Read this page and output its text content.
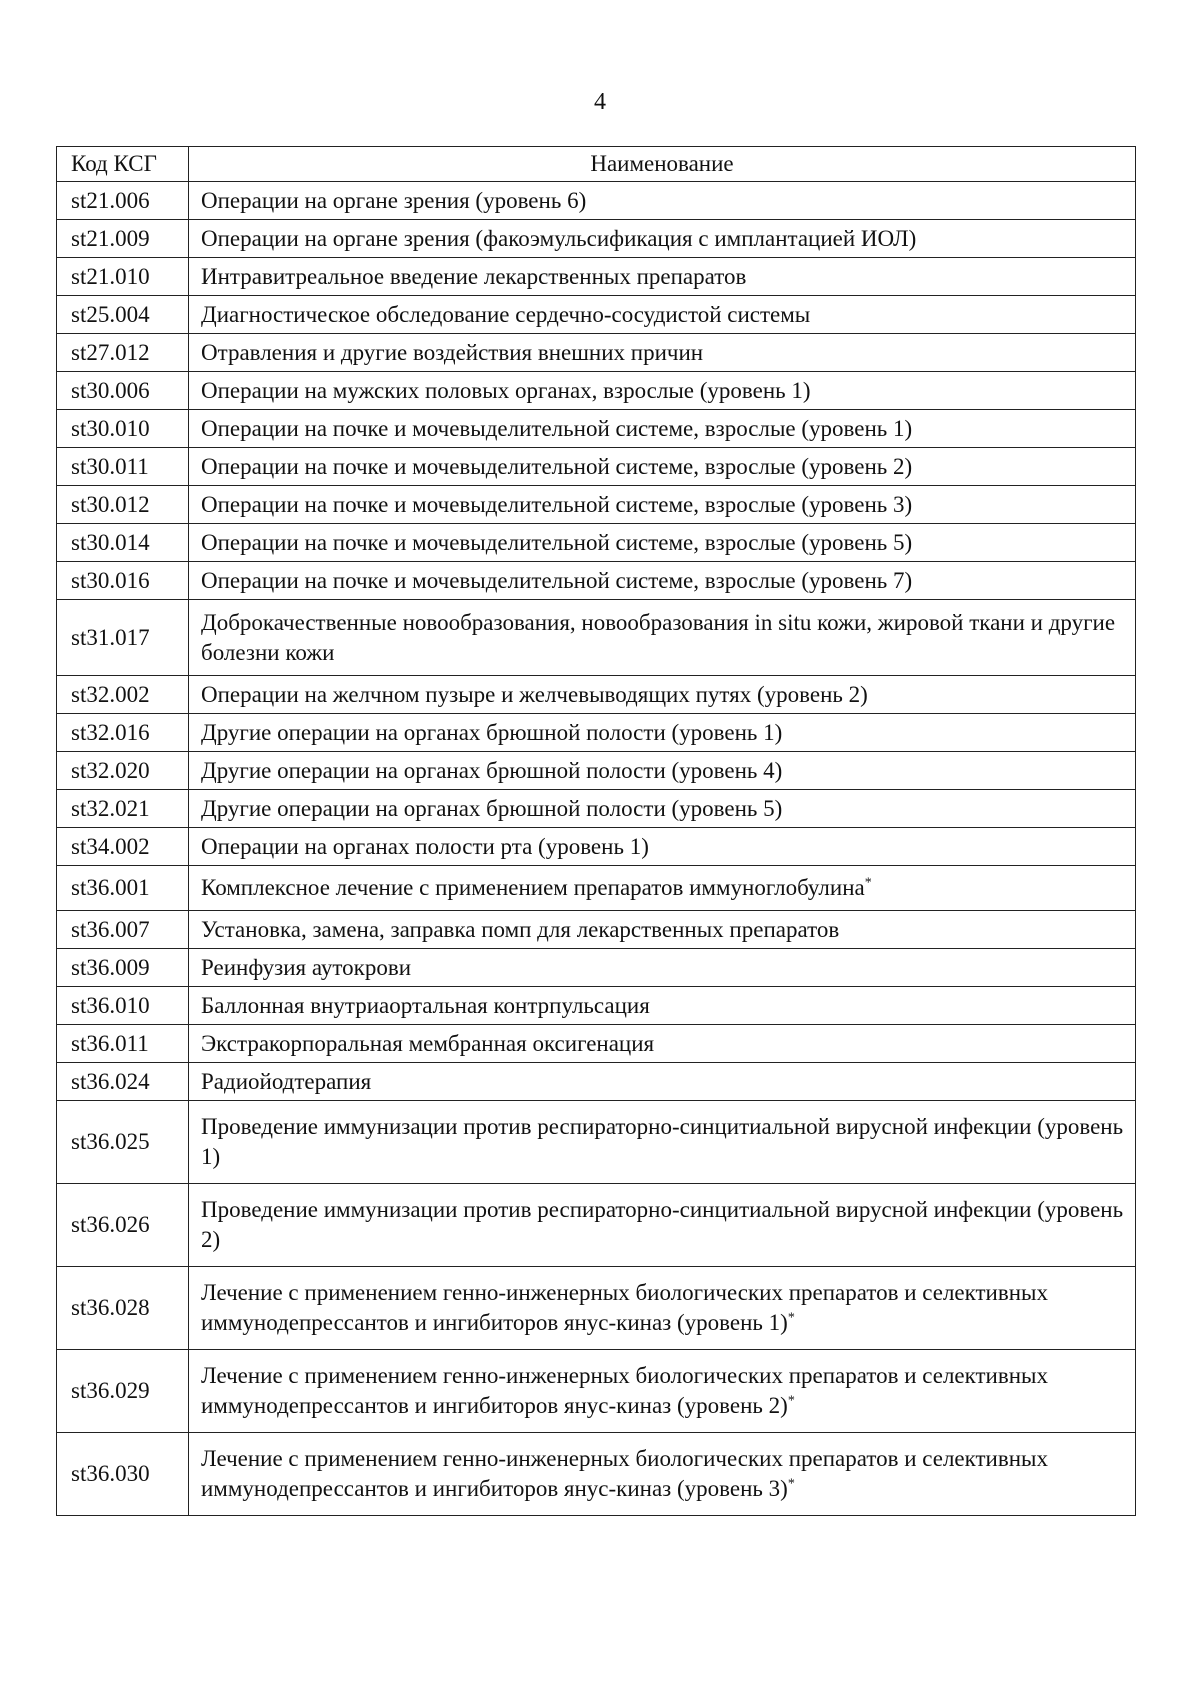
4
Код КСГ	Наименование
st21.006	Операции на органе зрения (уровень 6)
st21.009	Операции на органе зрения (факоэмульсификация с имплантацией ИОЛ)
st21.010	Интравитреальное введение лекарственных препаратов
st25.004	Диагностическое обследование сердечно-сосудистой системы
st27.012	Отравления и другие воздействия внешних причин
st30.006	Операции на мужских половых органах, взрослые (уровень 1)
st30.010	Операции на почке и мочевыделительной системе, взрослые (уровень 1)
st30.011	Операции на почке и мочевыделительной системе, взрослые (уровень 2)
st30.012	Операции на почке и мочевыделительной системе, взрослые (уровень 3)
st30.014	Операции на почке и мочевыделительной системе, взрослые (уровень 5)
st30.016	Операции на почке и мочевыделительной системе, взрослые (уровень 7)
st31.017	Доброкачественные новообразования, новообразования in situ кожи, жировой ткани и другие болезни кожи
st32.002	Операции на желчном пузыре и желчевыводящих путях (уровень 2)
st32.016	Другие операции на органах брюшной полости (уровень 1)
st32.020	Другие операции на органах брюшной полости (уровень 4)
st32.021	Другие операции на органах брюшной полости (уровень 5)
st34.002	Операции на органах полости рта (уровень 1)
st36.001	Комплексное лечение с применением препаратов иммуноглобулина*
st36.007	Установка, замена, заправка помп для лекарственных препаратов
st36.009	Реинфузия аутокрови
st36.010	Баллонная внутриаортальная контрпульсация
st36.011	Экстракорпоральная мембранная оксигенация
st36.024	Радиойодтерапия
st36.025	Проведение иммунизации против респираторно-синцитиальной вирусной инфекции (уровень 1)
st36.026	Проведение иммунизации против респираторно-синцитиальной вирусной инфекции (уровень 2)
st36.028	Лечение с применением генно-инженерных биологических препаратов и селективных иммунодепрессантов и ингибиторов янус-киназ (уровень 1)*
st36.029	Лечение с применением генно-инженерных биологических препаратов и селективных иммунодепрессантов и ингибиторов янус-киназ (уровень 2)*
st36.030	Лечение с применением генно-инженерных биологических препаратов и селективных иммунодепрессантов и ингибиторов янус-киназ (уровень 3)*
